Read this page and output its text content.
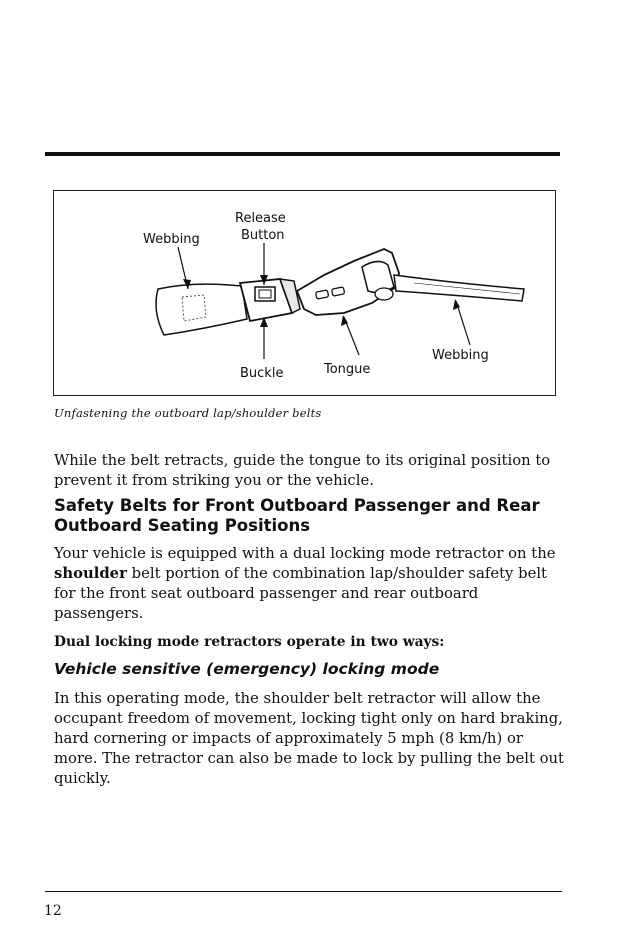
Webbing
Release
Button
Buckle	Tongue
Webbing

Unfastening the outboard lap/shoulder belts

While the belt retracts, guide the tongue to its original position to prevent it from striking you or the vehicle.

Safety Belts for Front Outboard Passenger and Rear Outboard Seating Positions

Your vehicle is equipped with a dual locking mode retractor on the shoulder belt portion of the combination lap/shoulder safety belt for the front seat outboard passenger and rear outboard passengers.

Dual locking mode retractors operate in two ways:

Vehicle sensitive (emergency) locking mode

In this operating mode, the shoulder belt retractor will allow the occupant freedom of movement, locking tight only on hard braking, hard cornering or impacts of approximately 5 mph (8 km/h) or more. The retractor can also be made to lock by pulling the belt out quickly.

12
